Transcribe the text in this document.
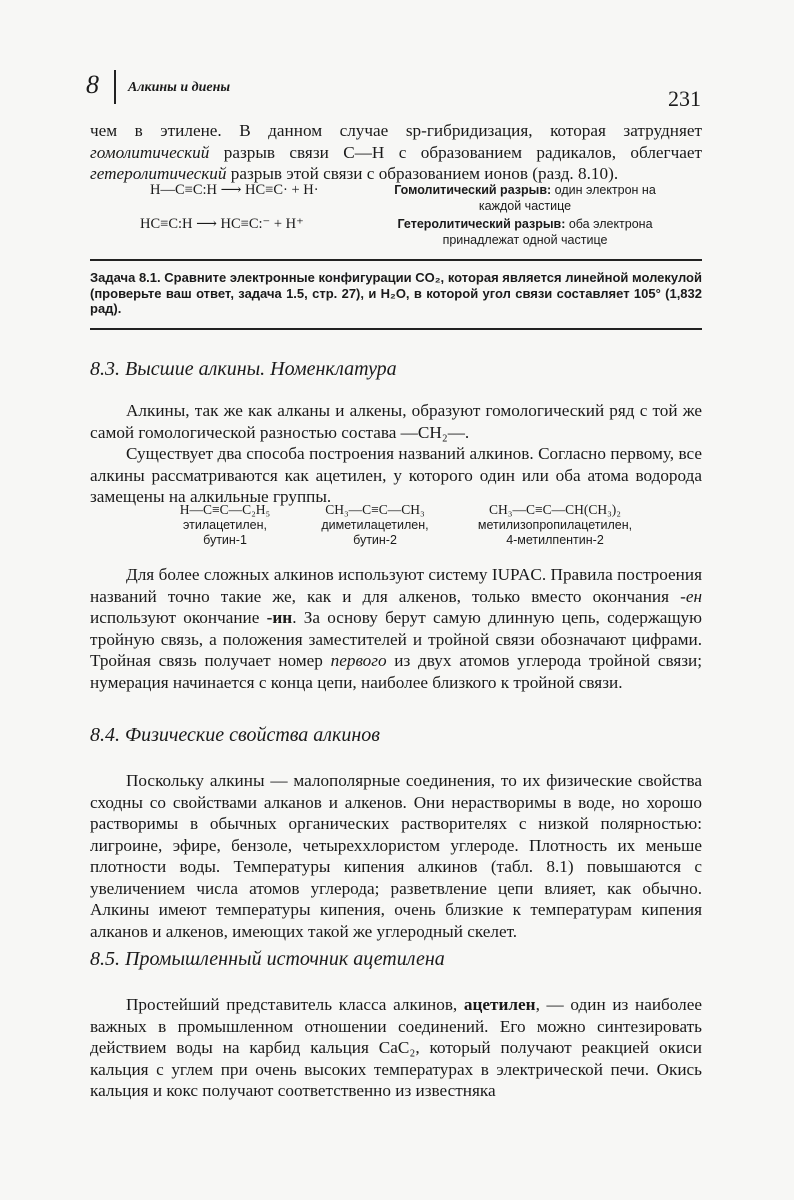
8 Алкины и диены	231

чем в этилене. В данном случае sp-гибридизация, которая затрудняет гомолитический разрыв связи С—Н с образованием радикалов, облегчает гетеролитический разрыв этой связи с образованием ионов (разд. 8.10).

H—C≡C:H ⟶ HC≡C· + H·	Гомолитический разрыв: один электрон на каждой частице
HC≡C:H ⟶ HC≡C:⁻ + H⁺	Гетеролитический разрыв: оба электрона принадлежат одной частице
Задача 8.1. Сравните электронные конфигурации CO₂, которая является линейной молекулой (проверьте ваш ответ, задача 1.5, стр. 27), и H₂O, в которой угол связи составляет 105° (1,832 рад).
8.3. Высшие алкины. Номенклатура

Алкины, так же как алканы и алкены, образуют гомологический ряд с той же самой гомологической разностью состава —CH₂—.

Существует два способа построения названий алкинов. Согласно первому, все алкины рассматриваются как ацетилен, у которого один или оба атома водорода замещены на алкильные группы.

H—C≡C—C₂H₅
этилацетилен,
бутин-1
CH₃—C≡C—CH₃
диметилацетилен,
бутин-2
CH₃—C≡C—CH(CH₃)₂
метилизопропилацетилен,
4-метилпентин-2

Для более сложных алкинов используют систему IUPAC. Правила построения названий точно такие же, как и для алкенов, только вместо окончания -ен используют окончание -ин. За основу берут самую длинную цепь, содержащую тройную связь, а положения заместителей и тройной связи обозначают цифрами. Тройная связь получает номер первого из двух атомов углерода тройной связи; нумерация начинается с конца цепи, наиболее близкого к тройной связи.

8.4. Физические свойства алкинов

Поскольку алкины — малополярные соединения, то их физические свойства сходны со свойствами алканов и алкенов. Они нерастворимы в воде, но хорошо растворимы в обычных органических растворителях с низкой полярностью: лигроине, эфире, бензоле, четыреххлористом углероде. Плотность их меньше плотности воды. Температуры кипения алкинов (табл. 8.1) повышаются с увеличением числа атомов углерода; разветвление цепи влияет, как обычно. Алкины имеют температуры кипения, очень близкие к температурам кипения алканов и алкенов, имеющих такой же углеродный скелет.

8.5. Промышленный источник ацетилена

Простейший представитель класса алкинов, ацетилен, — один из наиболее важных в промышленном отношении соединений. Его можно синтезировать действием воды на карбид кальция CaC₂, который получают реакцией окиси кальция с углем при очень высоких температурах в электрической печи. Окись кальция и кокс получают соответственно из известняка
